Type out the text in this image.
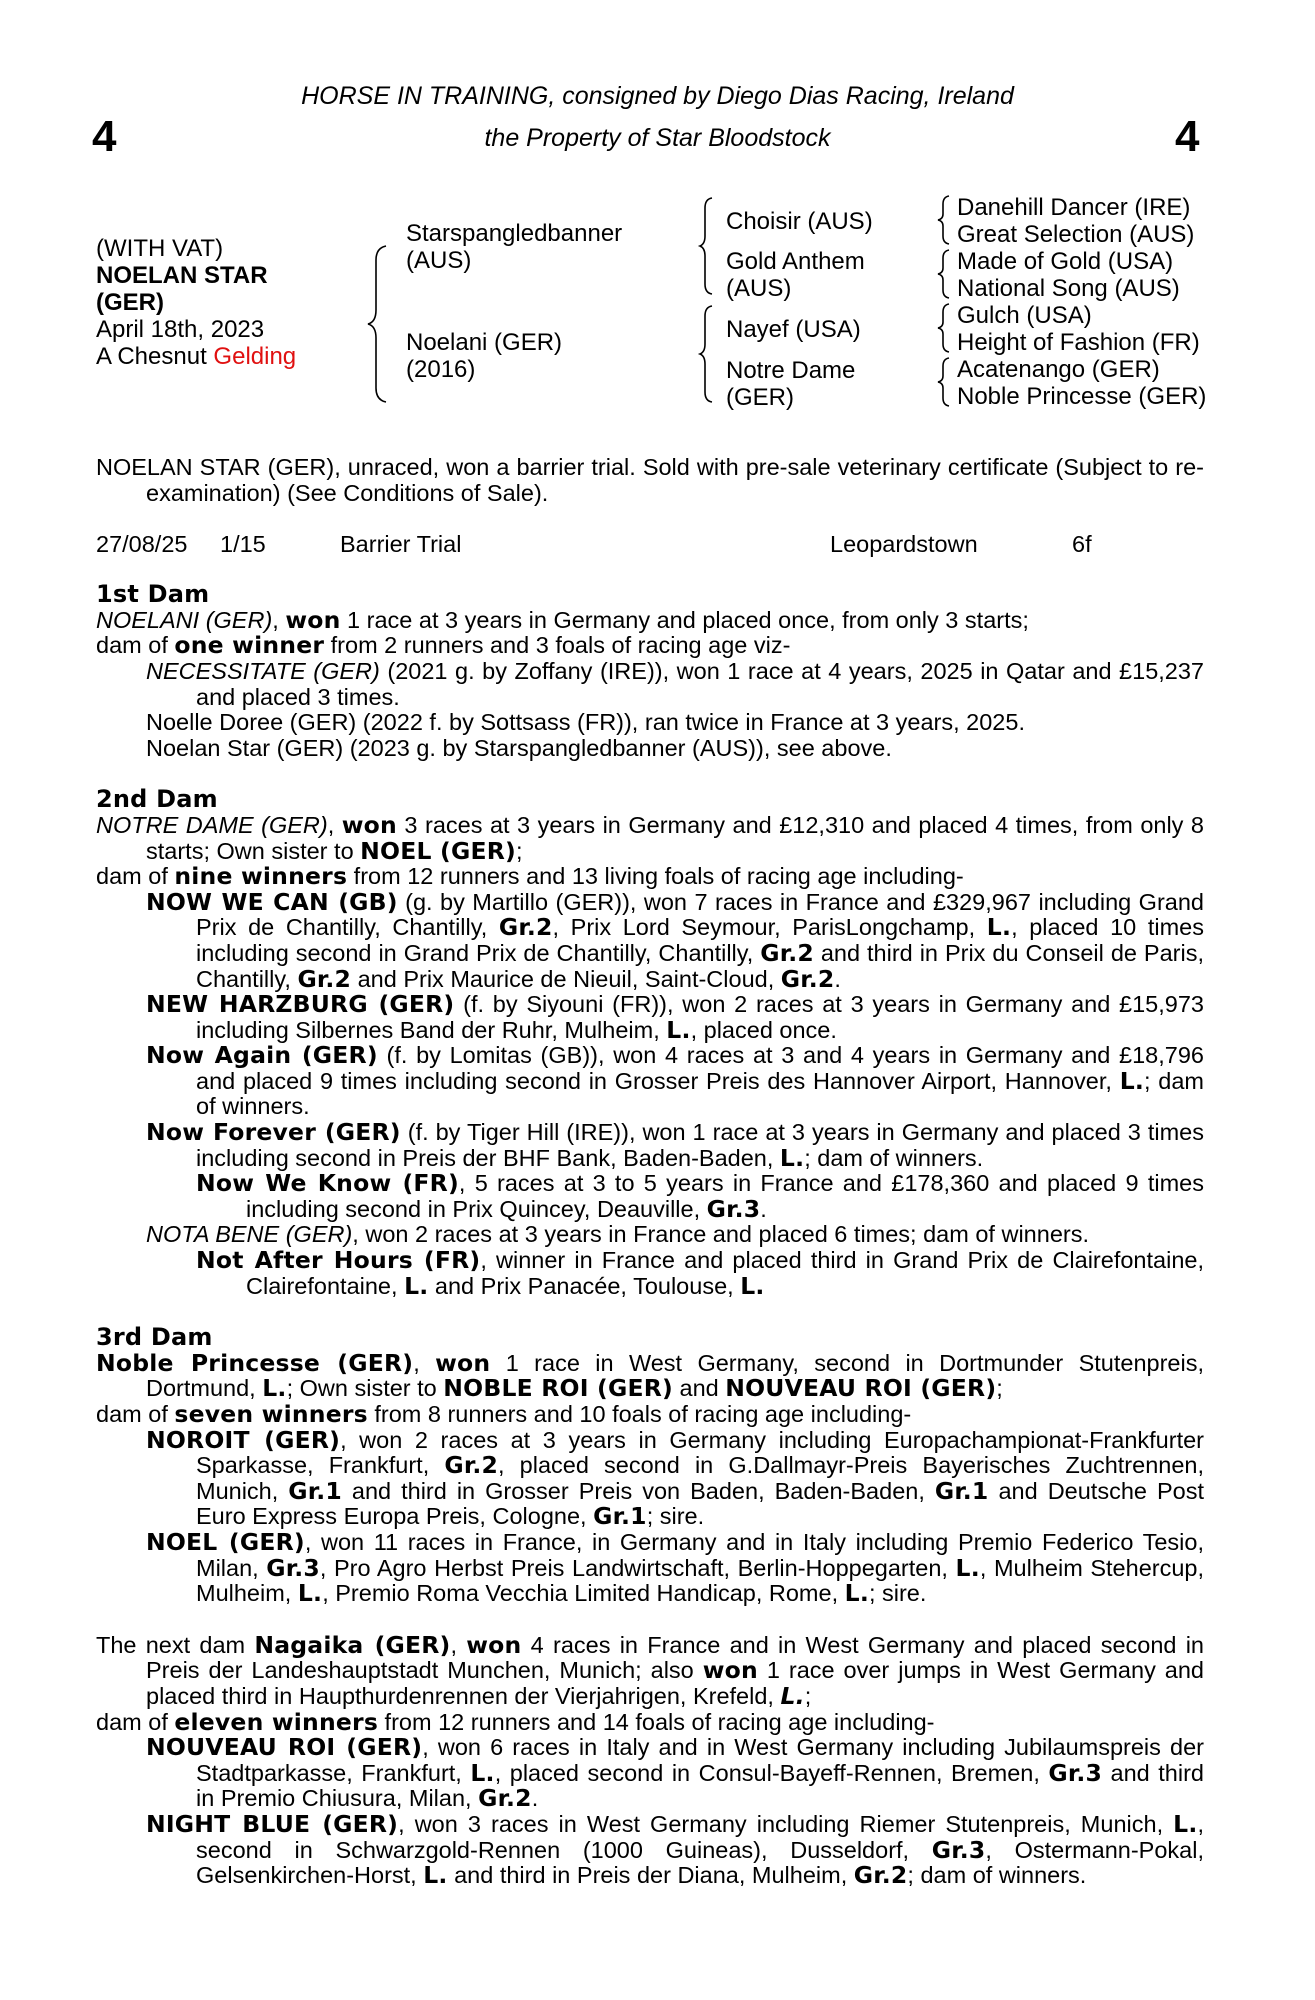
HORSE IN TRAINING, consigned by Diego Dias Racing, Ireland
the Property of Star Bloodstock
4	4
(WITH VAT)
NOELAN STAR
(GER)
April 18th, 2023
A Chesnut Gelding
Starspangledbanner
(AUS)
Noelani (GER)
(2016)
Choisir (AUS)
Gold Anthem
(AUS)
Nayef (USA)
Notre Dame
(GER)
Danehill Dancer (IRE)
Great Selection (AUS)
Made of Gold (USA)
National Song (AUS)
Gulch (USA)
Height of Fashion (FR)
Acatenango (GER)
Noble Princesse (GER)

NOELAN STAR (GER), unraced, won a barrier trial. Sold with pre-sale veterinary certificate (Subject to re-examination) (See Conditions of Sale).

27/08/25 1/15	Barrier Trial	Leopardstown	6f

1st Dam

NOELANI (GER), won 1 race at 3 years in Germany and placed once, from only 3 starts;

dam of one winner from 2 runners and 3 foals of racing age viz-

NECESSITATE (GER) (2021 g. by Zoffany (IRE)), won 1 race at 4 years, 2025 in Qatar and £15,237 and placed 3 times.

Noelle Doree (GER) (2022 f. by Sottsass (FR)), ran twice in France at 3 years, 2025.

Noelan Star (GER) (2023 g. by Starspangledbanner (AUS)), see above.

2nd Dam

NOTRE DAME (GER), won 3 races at 3 years in Germany and £12,310 and placed 4 times, from only 8 starts; Own sister to NOEL (GER);

dam of nine winners from 12 runners and 13 living foals of racing age including-

NOW WE CAN (GB) (g. by Martillo (GER)), won 7 races in France and £329,967 including Grand Prix de Chantilly, Chantilly, Gr.2, Prix Lord Seymour, ParisLongchamp, L., placed 10 times including second in Grand Prix de Chantilly, Chantilly, Gr.2 and third in Prix du Conseil de Paris, Chantilly, Gr.2 and Prix Maurice de Nieuil, Saint-Cloud, Gr.2.

NEW HARZBURG (GER) (f. by Siyouni (FR)), won 2 races at 3 years in Germany and £15,973 including Silbernes Band der Ruhr, Mulheim, L., placed once.

Now Again (GER) (f. by Lomitas (GB)), won 4 races at 3 and 4 years in Germany and £18,796 and placed 9 times including second in Grosser Preis des Hannover Airport, Hannover, L.; dam of winners.

Now Forever (GER) (f. by Tiger Hill (IRE)), won 1 race at 3 years in Germany and placed 3 times including second in Preis der BHF Bank, Baden-Baden, L.; dam of winners.

Now We Know (FR), 5 races at 3 to 5 years in France and £178,360 and placed 9 times including second in Prix Quincey, Deauville, Gr.3.

NOTA BENE (GER), won 2 races at 3 years in France and placed 6 times; dam of winners.

Not After Hours (FR), winner in France and placed third in Grand Prix de Clairefontaine, Clairefontaine, L. and Prix Panacée, Toulouse, L.

3rd Dam

Noble Princesse (GER), won 1 race in West Germany, second in Dortmunder Stutenpreis, Dortmund, L.; Own sister to NOBLE ROI (GER) and NOUVEAU ROI (GER);

dam of seven winners from 8 runners and 10 foals of racing age including-

NOROIT (GER), won 2 races at 3 years in Germany including Europachampionat-Frankfurter Sparkasse, Frankfurt, Gr.2, placed second in G.Dallmayr-Preis Bayerisches Zuchtrennen, Munich, Gr.1 and third in Grosser Preis von Baden, Baden-Baden, Gr.1 and Deutsche Post Euro Express Europa Preis, Cologne, Gr.1; sire.

NOEL (GER), won 11 races in France, in Germany and in Italy including Premio Federico Tesio, Milan, Gr.3, Pro Agro Herbst Preis Landwirtschaft, Berlin-Hoppegarten, L., Mulheim Stehercup, Mulheim, L., Premio Roma Vecchia Limited Handicap, Rome, L.; sire.

The next dam Nagaika (GER), won 4 races in France and in West Germany and placed second in Preis der Landeshauptstadt Munchen, Munich; also won 1 race over jumps in West Germany and placed third in Haupthurdenrennen der Vierjahrigen, Krefeld, L.;

dam of eleven winners from 12 runners and 14 foals of racing age including-

NOUVEAU ROI (GER), won 6 races in Italy and in West Germany including Jubilaumspreis der Stadtparkasse, Frankfurt, L., placed second in Consul-Bayeff-Rennen, Bremen, Gr.3 and third in Premio Chiusura, Milan, Gr.2.

NIGHT BLUE (GER), won 3 races in West Germany including Riemer Stutenpreis, Munich, L., second in Schwarzgold-Rennen (1000 Guineas), Dusseldorf, Gr.3, Ostermann-Pokal, Gelsenkirchen-Horst, L. and third in Preis der Diana, Mulheim, Gr.2; dam of winners.
